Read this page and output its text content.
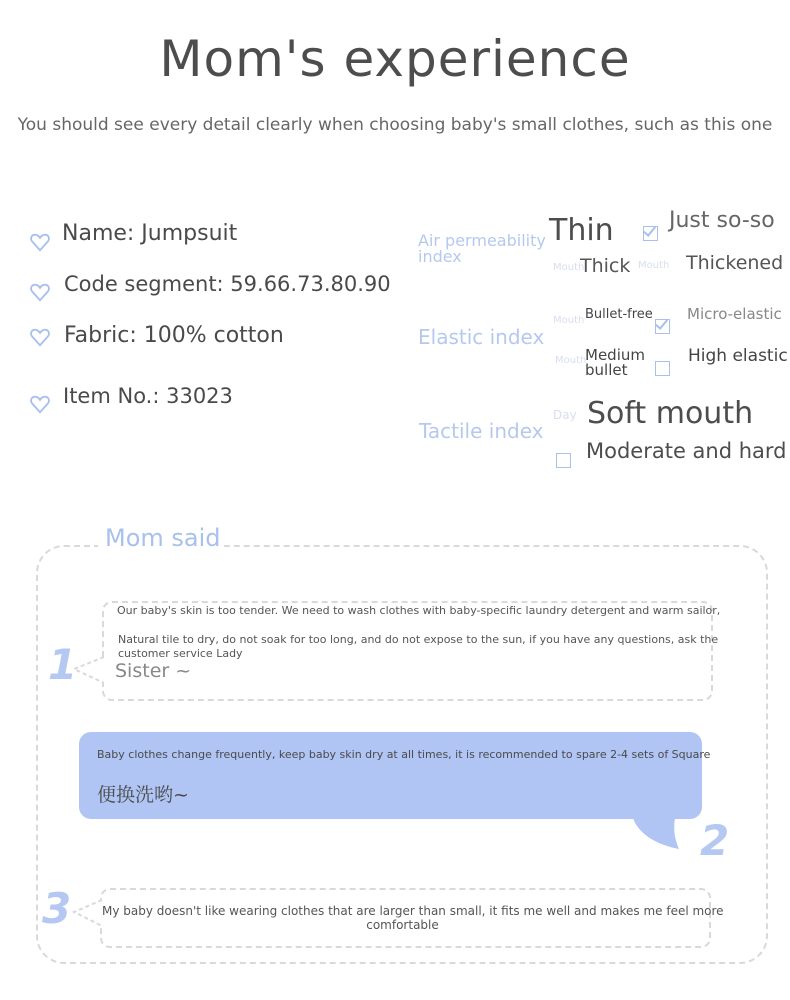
Mom's experience
You should see every detail clearly when choosing baby's small clothes, such as this one
Name: Jumpsuit
Code segment: 59.66.73.80.90
Fabric: 100% cotton
Item No.: 33023
Air permeability
index
Thin	Just so-so
Mouth
Thick Mouth Thickened
Elastic index
Mouth Bullet-free Micro-elastic
Mouth
Medium
bullet
High elastic
Tactile index
Day Soft mouth
Moderate and hard
Mom said
1
Our baby's skin is too tender. We need to wash clothes with baby-specific laundry detergent and warm sailor,
Natural tile to dry, do not soak for too long, and do not expose to the sun, if you have any questions, ask the
customer service Lady
Sister ~
2
Baby clothes change frequently, keep baby skin dry at all times, it is recommended to spare 2-4 sets of Square
便换洗哟~
3	My baby doesn't like wearing clothes that are larger than small, it fits me well and makes me feel more
comfortable
